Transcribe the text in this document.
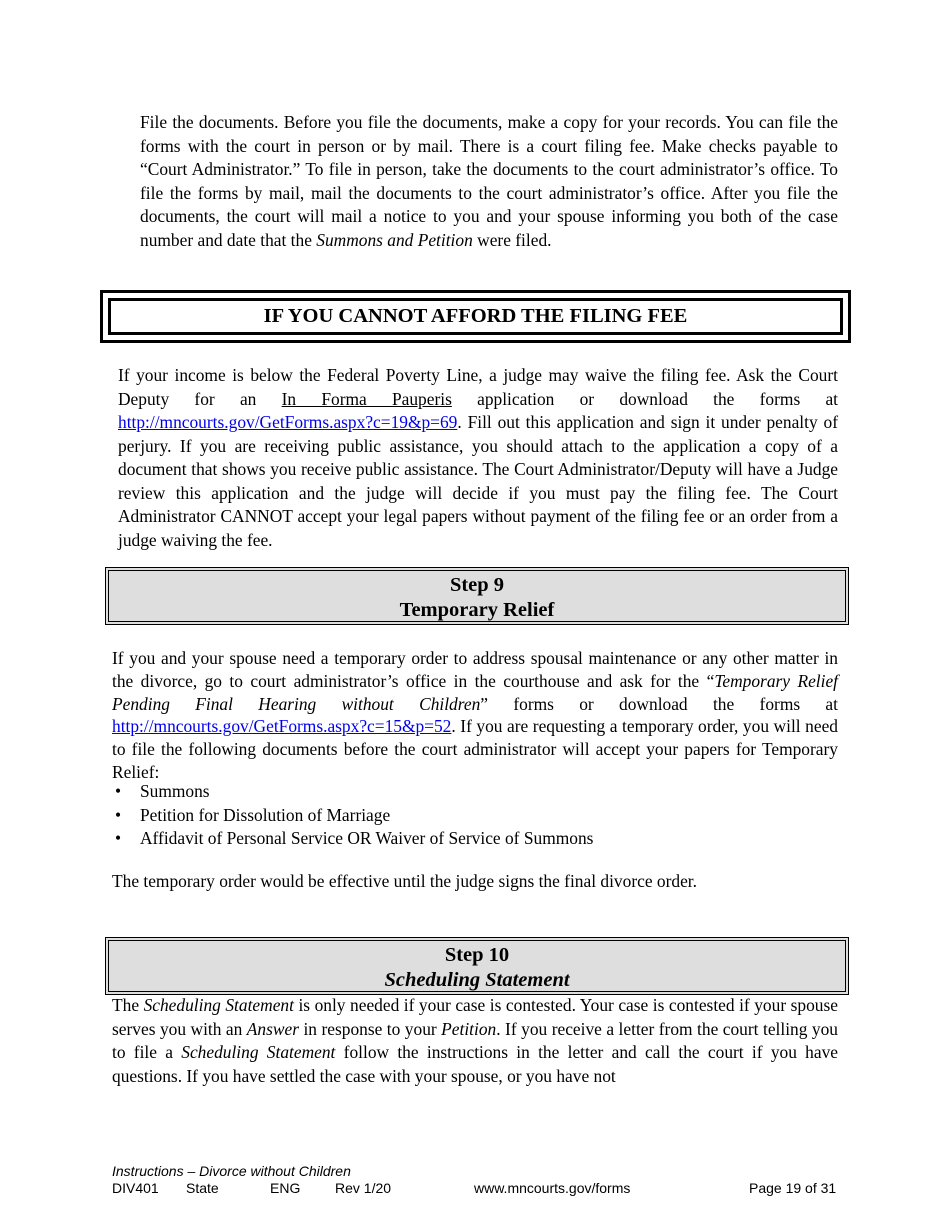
File the documents. Before you file the documents, make a copy for your records. You can file the forms with the court in person or by mail. There is a court filing fee. Make checks payable to “Court Administrator.” To file in person, take the documents to the court administrator’s office. To file the forms by mail, mail the documents to the court administrator’s office. After you file the documents, the court will mail a notice to you and your spouse informing you both of the case number and date that the Summons and Petition were filed.

IF YOU CANNOT AFFORD THE FILING FEE

If your income is below the Federal Poverty Line, a judge may waive the filing fee. Ask the Court Deputy for an In Forma Pauperis application or download the forms at http://mncourts.gov/GetForms.aspx?c=19&p=69. Fill out this application and sign it under penalty of perjury. If you are receiving public assistance, you should attach to the application a copy of a document that shows you receive public assistance. The Court Administrator/Deputy will have a Judge review this application and the judge will decide if you must pay the filing fee. The Court Administrator CANNOT accept your legal papers without payment of the filing fee or an order from a judge waiving the fee.

Step 9
Temporary Relief

If you and your spouse need a temporary order to address spousal maintenance or any other matter in the divorce, go to court administrator’s office in the courthouse and ask for the “Temporary Relief Pending Final Hearing without Children” forms or download the forms at http://mncourts.gov/GetForms.aspx?c=15&p=52. If you are requesting a temporary order, you will need to file the following documents before the court administrator will accept your papers for Temporary Relief:

• Summons
• Petition for Dissolution of Marriage
• Affidavit of Personal Service OR Waiver of Service of Summons

The temporary order would be effective until the judge signs the final divorce order.

Step 10
Scheduling Statement

The Scheduling Statement is only needed if your case is contested. Your case is contested if your spouse serves you with an Answer in response to your Petition. If you receive a letter from the court telling you to file a Scheduling Statement follow the instructions in the letter and call the court if you have questions. If you have settled the case with your spouse, or you have not

Instructions – Divorce without Children
DIV401 State	ENG Rev 1/20	www.mncourts.gov/forms	Page 19 of 31
